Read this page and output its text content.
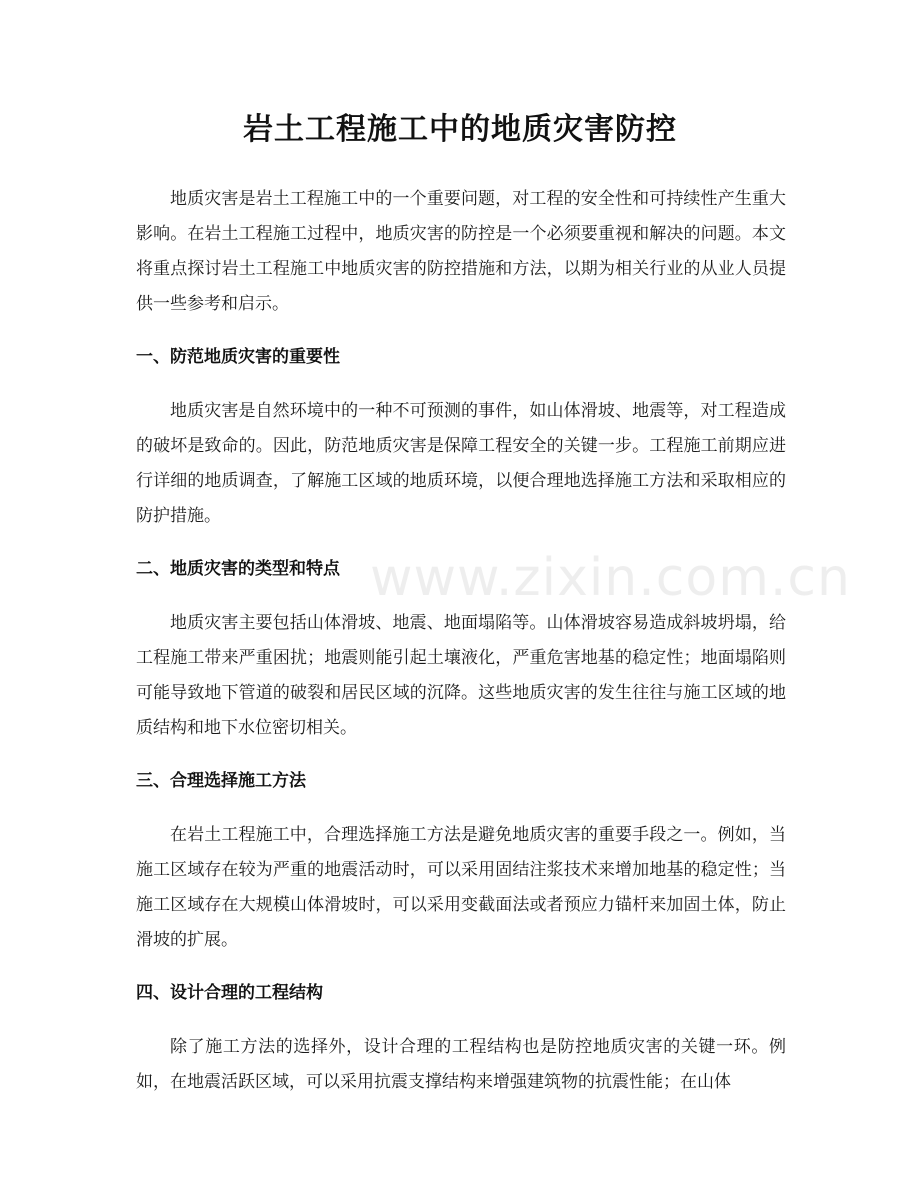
岩土工程施工中的地质灾害防控
www.zixin.com.cn

地质灾害是岩土工程施工中的一个重要问题，对工程的安全性和可持续性产生重大影响。在岩土工程施工过程中，地质灾害的防控是一个必须要重视和解决的问题。本文将重点探讨岩土工程施工中地质灾害的防控措施和方法，以期为相关行业的从业人员提供一些参考和启示。

一、防范地质灾害的重要性

地质灾害是自然环境中的一种不可预测的事件，如山体滑坡、地震等，对工程造成的破坏是致命的。因此，防范地质灾害是保障工程安全的关键一步。工程施工前期应进行详细的地质调查，了解施工区域的地质环境，以便合理地选择施工方法和采取相应的防护措施。

二、地质灾害的类型和特点

地质灾害主要包括山体滑坡、地震、地面塌陷等。山体滑坡容易造成斜坡坍塌，给工程施工带来严重困扰；地震则能引起土壤液化，严重危害地基的稳定性；地面塌陷则可能导致地下管道的破裂和居民区域的沉降。这些地质灾害的发生往往与施工区域的地质结构和地下水位密切相关。

三、合理选择施工方法

在岩土工程施工中，合理选择施工方法是避免地质灾害的重要手段之一。例如，当施工区域存在较为严重的地震活动时，可以采用固结注浆技术来增加地基的稳定性；当施工区域存在大规模山体滑坡时，可以采用变截面法或者预应力锚杆来加固土体，防止滑坡的扩展。

四、设计合理的工程结构

除了施工方法的选择外，设计合理的工程结构也是防控地质灾害的关键一环。例如，在地震活跃区域，可以采用抗震支撑结构来增强建筑物的抗震性能；在山体
